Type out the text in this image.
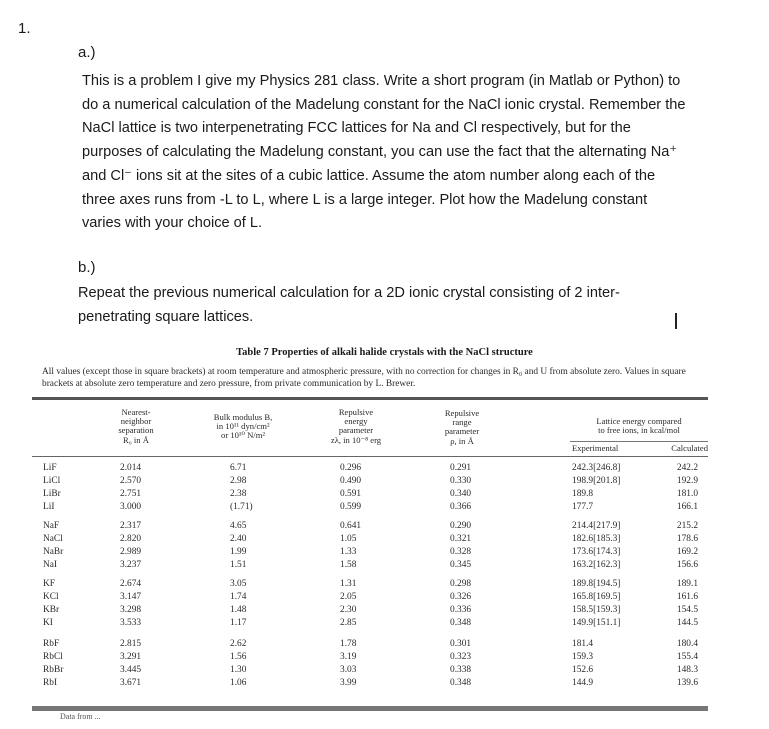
1.
a.)
This is a problem I give my Physics 281 class. Write a short program (in Matlab or Python) to do a numerical calculation of the Madelung constant for the NaCl ionic crystal. Remember the NaCl lattice is two interpenetrating FCC lattices for Na and Cl respectively, but for the purposes of calculating the Madelung constant, you can use the fact that the alternating Na⁺ and Cl⁻ ions sit at the sites of a cubic lattice. Assume the atom number along each of the three axes runs from -L to L, where L is a large integer. Plot how the Madelung constant varies with your choice of L.
b.)
Repeat the previous numerical calculation for a 2D ionic crystal consisting of 2 inter-penetrating square lattices.
Table 7 Properties of alkali halide crystals with the NaCl structure
All values (except those in square brackets) at room temperature and atmospheric pressure, with no correction for changes in R₀ and U from absolute zero. Values in square brackets at absolute zero temperature and zero pressure, from private communication by L. Brewer.
Nearest-
neighbor
separation
R₀ in Å
Bulk modulus B,
in 10¹¹ dyn/cm²
or 10¹⁰ N/m²
Repulsive
energy
parameter
zλ, in 10⁻⁸ erg
Repulsive
range
parameter
ρ, in Å
Lattice energy compared
to free ions, in kcal/mol
Experimental	Calculated
LiF
LiCl
LiBr
LiI
2.014
2.570
2.751
3.000
6.71
2.98
2.38
(1.71)
0.296
0.490
0.591
0.599
0.291
0.330
0.340
0.366
242.3[246.8]
198.9[201.8]
189.8
177.7
242.2
192.9
181.0
166.1
NaF
NaCl
NaBr
NaI
2.317
2.820
2.989
3.237
4.65
2.40
1.99
1.51
0.641
1.05
1.33
1.58
0.290
0.321
0.328
0.345
214.4[217.9]
182.6[185.3]
173.6[174.3]
163.2[162.3]
215.2
178.6
169.2
156.6
KF
KCl
KBr
KI
2.674
3.147
3.298
3.533
3.05
1.74
1.48
1.17
1.31
2.05
2.30
2.85
0.298
0.326
0.336
0.348
189.8[194.5]
165.8[169.5]
158.5[159.3]
149.9[151.1]
189.1
161.6
154.5
144.5
RbF
RbCl
RbBr
RbI
2.815
3.291
3.445
3.671
2.62
1.56
1.30
1.06
1.78
3.19
3.03
3.99
0.301
0.323
0.338
0.348
181.4
159.3
152.6
144.9
180.4
155.4
148.3
139.6
Data from ...
